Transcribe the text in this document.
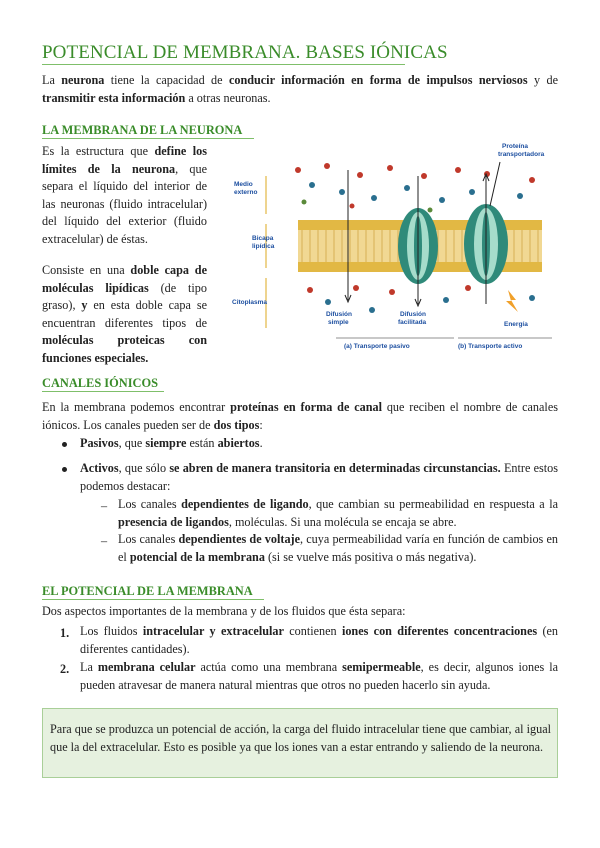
POTENCIAL DE MEMBRANA. BASES IÓNICAS
La neurona tiene la capacidad de conducir información en forma de impulsos nerviosos y de transmitir esta información a otras neuronas.
LA MEMBRANA DE LA NEURONA
Es la estructura que define los límites de la neurona, que separa el líquido del interior de las neuronas (fluido intracelular) del líquido del exterior (fluido extracelular) de éstas.
Consiste en una doble capa de moléculas lipídicas (de tipo graso), y en esta doble capa se encuentran diferentes tipos de moléculas proteicas con funciones especiales.
Proteína transportadora
Medio externo
Bicapa lipídica
Citoplasma
Difusión simple
Difusión facilitada	Energía
(a) Transporte pasivo	(b) Transporte activo
CANALES IÓNICOS
En la membrana podemos encontrar proteínas en forma de canal que reciben el nombre de canales iónicos. Los canales pueden ser de dos tipos:
Pasivos, que siempre están abiertos.
Activos, que sólo se abren de manera transitoria en determinadas circunstancias. Entre estos podemos destacar:
– Los canales dependientes de ligando, que cambian su permeabilidad en respuesta a la presencia de ligandos, moléculas. Si una molécula se encaja se abre.
– Los canales dependientes de voltaje, cuya permeabilidad varía en función de cambios en el potencial de la membrana (si se vuelve más positiva o más negativa).
EL POTENCIAL DE LA MEMBRANA
Dos aspectos importantes de la membrana y de los fluidos que ésta separa:
1. Los fluidos intracelular y extracelular contienen iones con diferentes concentraciones (en diferentes cantidades).
2. La membrana celular actúa como una membrana semipermeable, es decir, algunos iones la pueden atravesar de manera natural mientras que otros no pueden hacerlo sin ayuda.
Para que se produzca un potencial de acción, la carga del fluido intracelular tiene que cambiar, al igual que la del extracelular. Esto es posible ya que los iones van a estar entrando y saliendo de la neurona.
